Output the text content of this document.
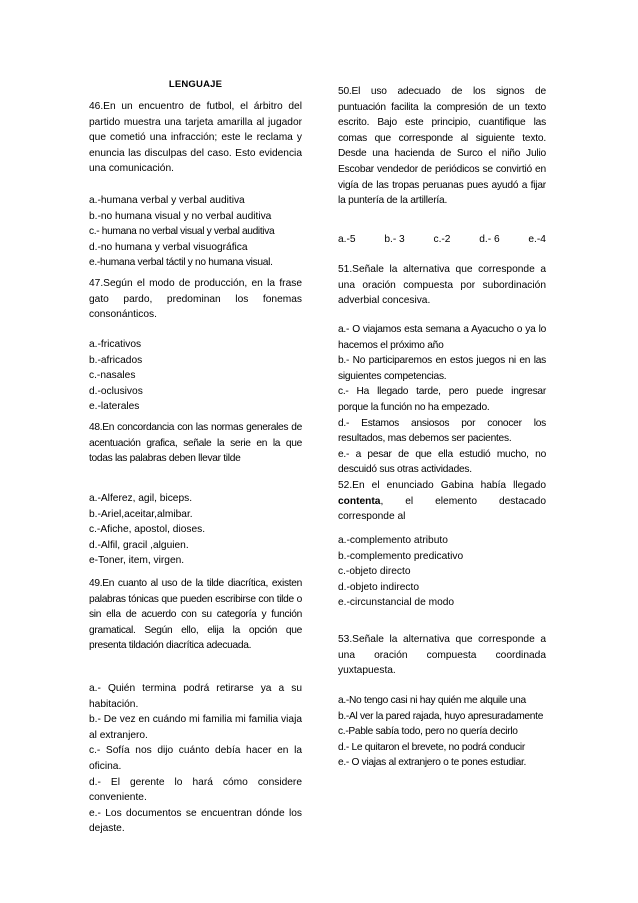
LENGUAJE
46.En un encuentro de futbol, el árbitro del partido muestra una tarjeta amarilla al jugador que cometió una infracción; este le reclama y enuncia las disculpas del caso. Esto evidencia una comunicación.
a.-humana verbal y verbal auditiva
b.-no humana visual y no verbal auditiva
c.- humana no verbal visual y verbal auditiva
d.-no humana y verbal visuográfica
e.-humana verbal táctil y no humana visual.
47.Según el modo de producción, en la frase gato pardo, predominan los fonemas consonánticos.
a.-fricativos
b.-africados
c.-nasales
d.-oclusivos
e.-laterales
48.En concordancia con las normas generales de acentuación grafica, señale la serie en la que todas las palabras deben llevar tilde
a.-Alferez, agil, biceps.
b.-Ariel,aceitar,almibar.
c.-Afiche, apostol, dioses.
d.-Alfil, gracil ,alguien.
e-Toner, item, virgen.
49.En cuanto al uso de la tilde diacrítica, existen palabras tónicas que pueden escribirse con tilde o sin ella de acuerdo con su categoría y función gramatical. Según ello, elija la opción que presenta tildación diacrítica adecuada.
a.- Quién termina podrá retirarse ya a su habitación.
b.- De vez en cuándo mi familia mi familia viaja al extranjero.
c.- Sofía nos dijo cuánto debía hacer en la oficina.
d.- El gerente lo hará cómo considere conveniente.
e.- Los documentos se encuentran dónde los dejaste.
50.El uso adecuado de los signos de puntuación facilita la compresión de un texto escrito. Bajo este principio, cuantifique las comas que corresponde al siguiente texto. Desde una hacienda de Surco el niño Julio Escobar vendedor de periódicos se convirtió en vigía de las tropas peruanas pues ayudó a fijar la puntería de la artillería.
a.-5	b.- 3	c.-2	d.- 6	e.-4
51.Señale la alternativa que corresponde a una oración compuesta por subordinación adverbial concesiva.
a.- O viajamos esta semana a Ayacucho o ya lo hacemos el próximo año
b.- No participaremos en estos juegos ni en las siguientes competencias.
c.- Ha llegado tarde, pero puede ingresar porque la función no ha empezado.
d.- Estamos ansiosos por conocer los resultados, mas debemos ser pacientes.
e.- a pesar de que ella estudió mucho, no descuidó sus otras actividades.
52.En el enunciado Gabina había llegado contenta, el elemento destacado corresponde al
a.-complemento atributo
b.-complemento predicativo
c.-objeto directo
d.-objeto indirecto
e.-circunstancial de modo
53.Señale la alternativa que corresponde a una oración compuesta coordinada yuxtapuesta.
a.-No tengo casi ni hay quién me alquile una
b.-Al ver la pared rajada, huyo apresuradamente
c.-Pable sabía todo, pero no quería decirlo
d.- Le quitaron el brevete, no podrá conducir
e.- O viajas al extranjero o te pones estudiar.
